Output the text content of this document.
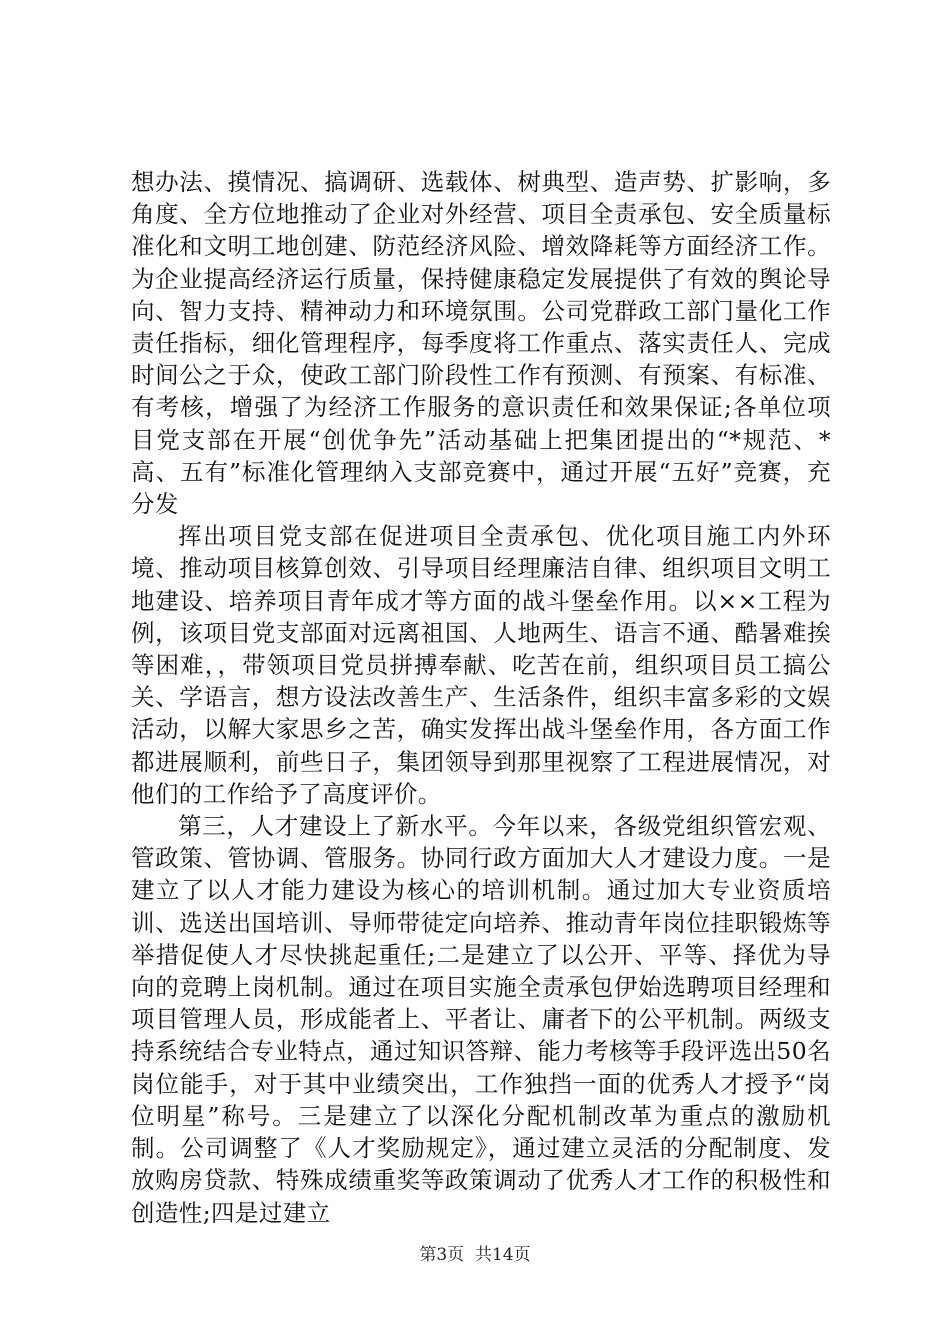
想办法、摸情况、搞调研、选载体、树典型、造声势、扩影响，多角度、全方位地推动了企业对外经营、项目全责承包、安全质量标准化和文明工地创建、防范经济风险、增效降耗等方面经济工作。为企业提高经济运行质量，保持健康稳定发展提供了有效的舆论导向、智力支持、精神动力和环境氛围。公司党群政工部门量化工作责任指标，细化管理程序，每季度将工作重点、落实责任人、完成时间公之于众，使政工部门阶段性工作有预测、有预案、有标准、有考核，增强了为经济工作服务的意识责任和效果保证;各单位项目党支部在开展“创优争先”活动基础上把集团提出的“*规范、*高、五有”标准化管理纳入支部竞赛中，通过开展“五好”竞赛，充分发

挥出项目党支部在促进项目全责承包、优化项目施工内外环境、推动项目核算创效、引导项目经理廉洁自律、组织项目文明工地建设、培养项目青年成才等方面的战斗堡垒作用。以××工程为例，该项目党支部面对远离祖国、人地两生、语言不通、酷暑难挨等困难，，带领项目党员拼搏奉献、吃苦在前，组织项目员工搞公关、学语言，想方设法改善生产、生活条件，组织丰富多彩的文娱活动，以解大家思乡之苦，确实发挥出战斗堡垒作用，各方面工作都进展顺利，前些日子，集团领导到那里视察了工程进展情况，对他们的工作给予了高度评价。

第三，人才建设上了新水平。今年以来，各级党组织管宏观、管政策、管协调、管服务。协同行政方面加大人才建设力度。一是建立了以人才能力建设为核心的培训机制。通过加大专业资质培训、选送出国培训、导师带徒定向培养、推动青年岗位挂职锻炼等举措促使人才尽快挑起重任;二是建立了以公开、平等、择优为导向的竞聘上岗机制。通过在项目实施全责承包伊始选聘项目经理和项目管理人员，形成能者上、平者让、庸者下的公平机制。两级支持系统结合专业特点，通过知识答辩、能力考核等手段评选出50名岗位能手，对于其中业绩突出，工作独挡一面的优秀人才授予“岗位明星”称号。三是建立了以深化分配机制改革为重点的激励机制。公司调整了《人才奖励规定》，通过建立灵活的分配制度、发放购房贷款、特殊成绩重奖等政策调动了优秀人才工作的积极性和创造性;四是过建立

第3页  共14页
